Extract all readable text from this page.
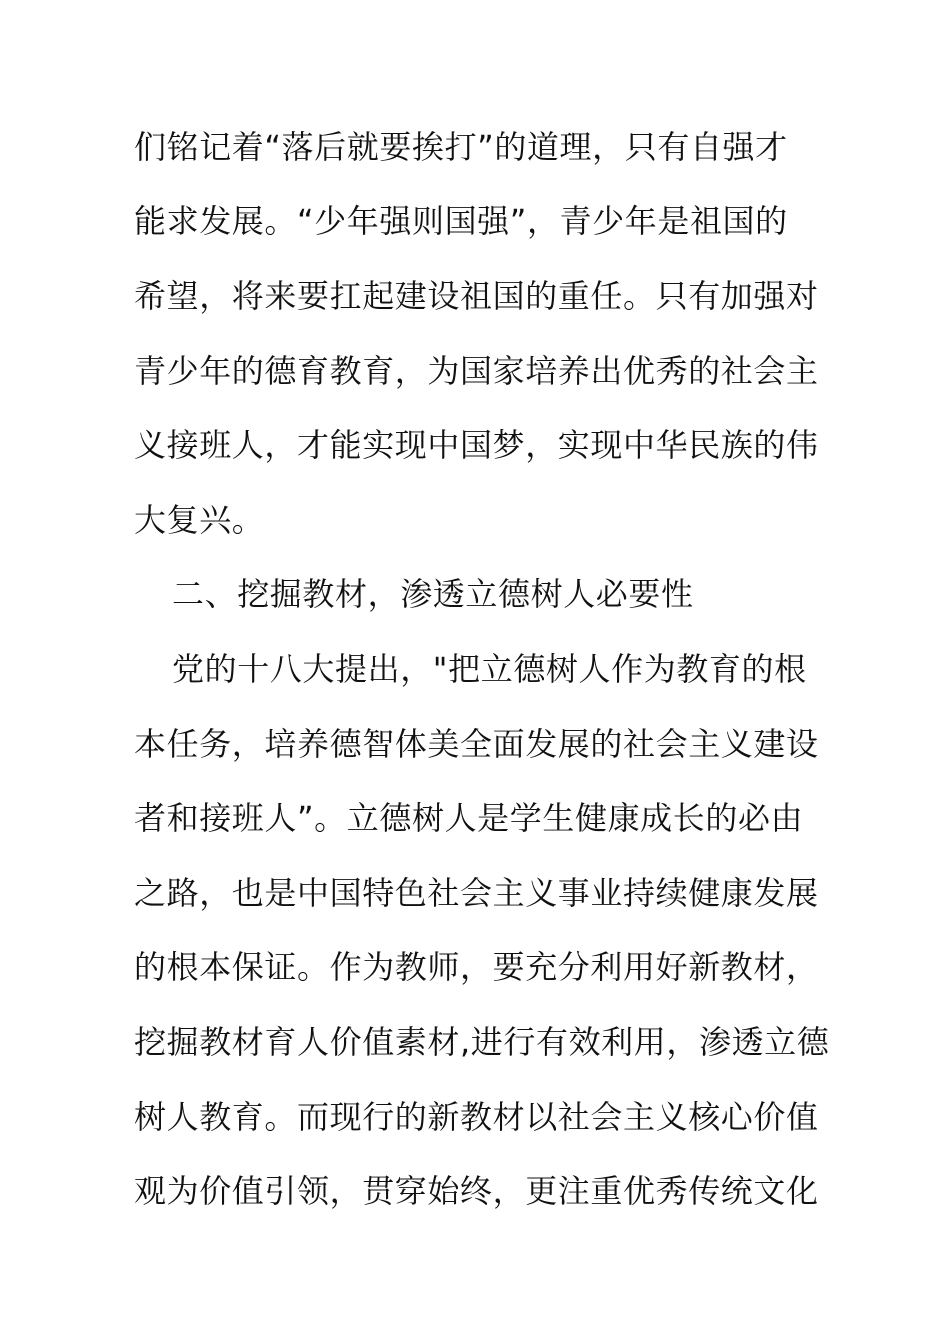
们铭记着“落后就要挨打”的道理，只有自强才
能求发展。“少年强则国强”，青少年是祖国的
希望，将来要扛起建设祖国的重任。只有加强对
青少年的德育教育，为国家培养出优秀的社会主
义接班人，才能实现中国梦，实现中华民族的伟
大复兴。
二、挖掘教材，渗透立德树人必要性
党的十八大提出，"把立德树人作为教育的根
本任务，培养德智体美全面发展的社会主义建设
者和接班人”。立德树人是学生健康成长的必由
之路，也是中国特色社会主义事业持续健康发展
的根本保证。作为教师，要充分利用好新教材，
挖掘教材育人价值素材,进行有效利用，渗透立德
树人教育。而现行的新教材以社会主义核心价值
观为价值引领，贯穿始终，更注重优秀传统文化
